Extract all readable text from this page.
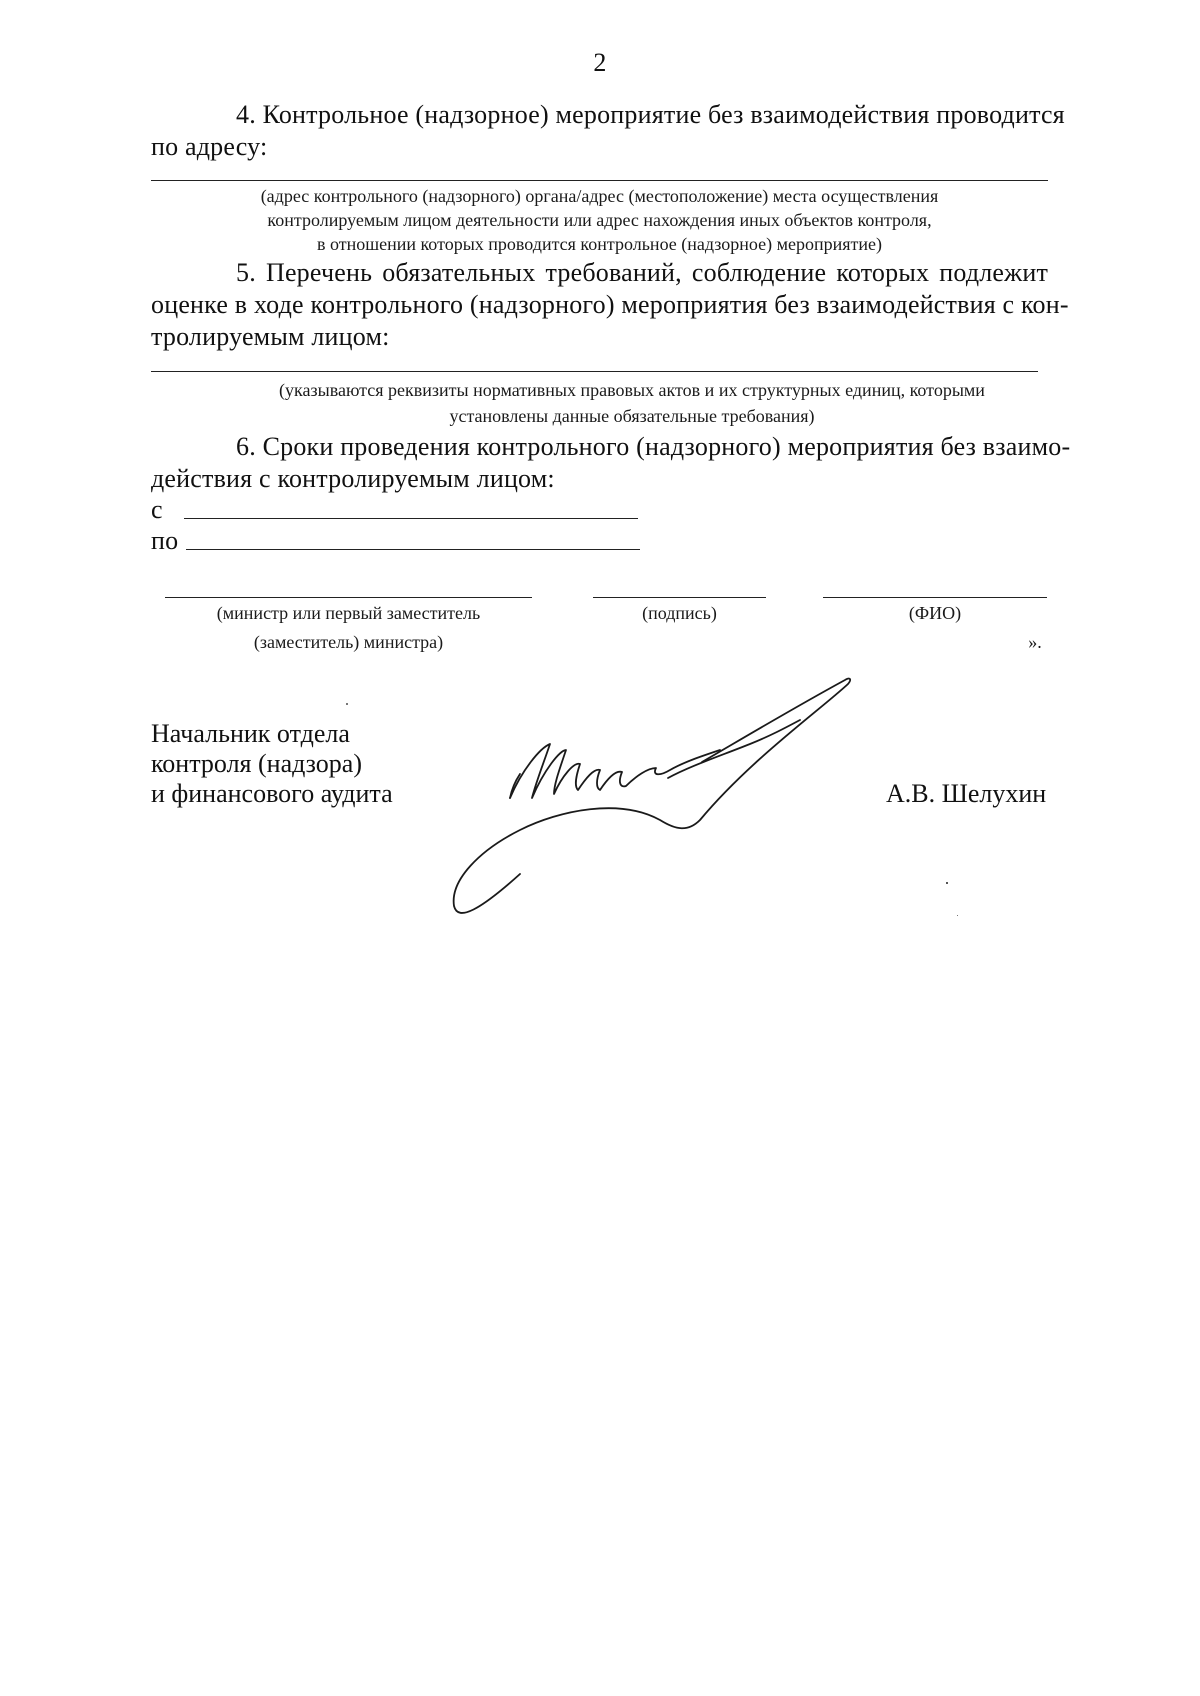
2
4. Контрольное (надзорное) мероприятие без взаимодействия проводится
по адресу:
(адрес контрольного (надзорного) органа/адрес (местоположение) места осуществления
контролируемым лицом деятельности или адрес нахождения иных объектов контроля,
в отношении которых проводится контрольное (надзорное) мероприятие)
5. Перечень обязательных требований, соблюдение которых подлежит
оценке в ходе контрольного (надзорного) мероприятия без взаимодействия с кон-
тролируемым лицом:
(указываются реквизиты нормативных правовых актов и их структурных единиц, которыми
установлены данные обязательные требования)
6. Сроки проведения контрольного (надзорного) мероприятия без взаимо-
действия с контролируемым лицом:
с
по
(министр или первый заместитель
(заместитель) министра)
(подпись)	(ФИО)
».
Начальник отдела
контроля (надзора)
и финансового аудита	А.В. Шелухин
